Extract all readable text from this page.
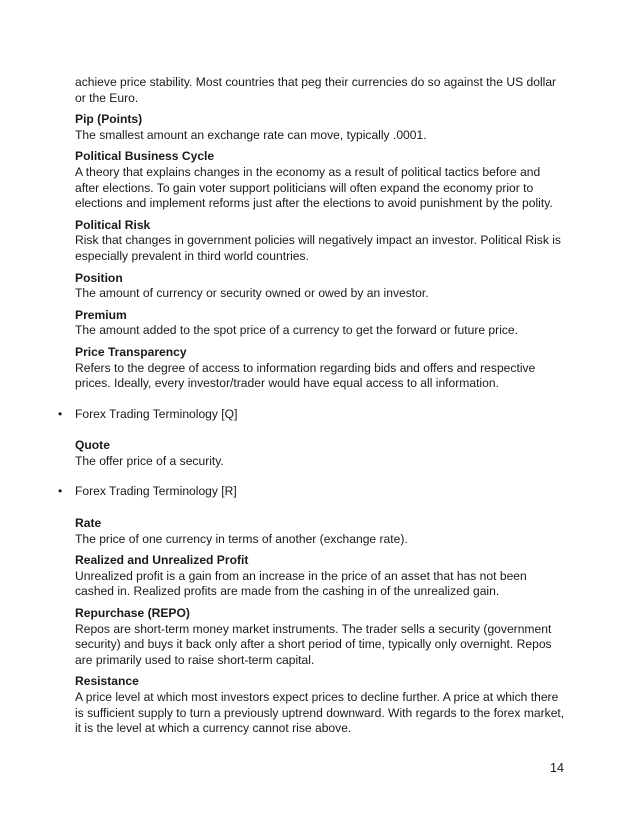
achieve price stability. Most countries that peg their currencies do so against the US dollar or the Euro.

Pip (Points)
The smallest amount an exchange rate can move, typically .0001.
Political Business Cycle
A theory that explains changes in the economy as a result of political tactics before and after elections. To gain voter support politicians will often expand the economy prior to elections and implement reforms just after the elections to avoid punishment by the polity.
Political Risk
Risk that changes in government policies will negatively impact an investor. Political Risk is especially prevalent in third world countries.
Position
The amount of currency or security owned or owed by an investor.
Premium
The amount added to the spot price of a currency to get the forward or future price.
Price Transparency
Refers to the degree of access to information regarding bids and offers and respective prices. Ideally, every investor/trader would have equal access to all information.
• Forex Trading Terminology [Q]
Quote
The offer price of a security.
• Forex Trading Terminology [R]
Rate
The price of one currency in terms of another (exchange rate).
Realized and Unrealized Profit
Unrealized profit is a gain from an increase in the price of an asset that has not been cashed in. Realized profits are made from the cashing in of the unrealized gain.
Repurchase (REPO)
Repos are short-term money market instruments. The trader sells a security (government security) and buys it back only after a short period of time, typically only overnight. Repos are primarily used to raise short-term capital.
Resistance
A price level at which most investors expect prices to decline further. A price at which there is sufficient supply to turn a previously uptrend downward. With regards to the forex market, it is the level at which a currency cannot rise above.
14
